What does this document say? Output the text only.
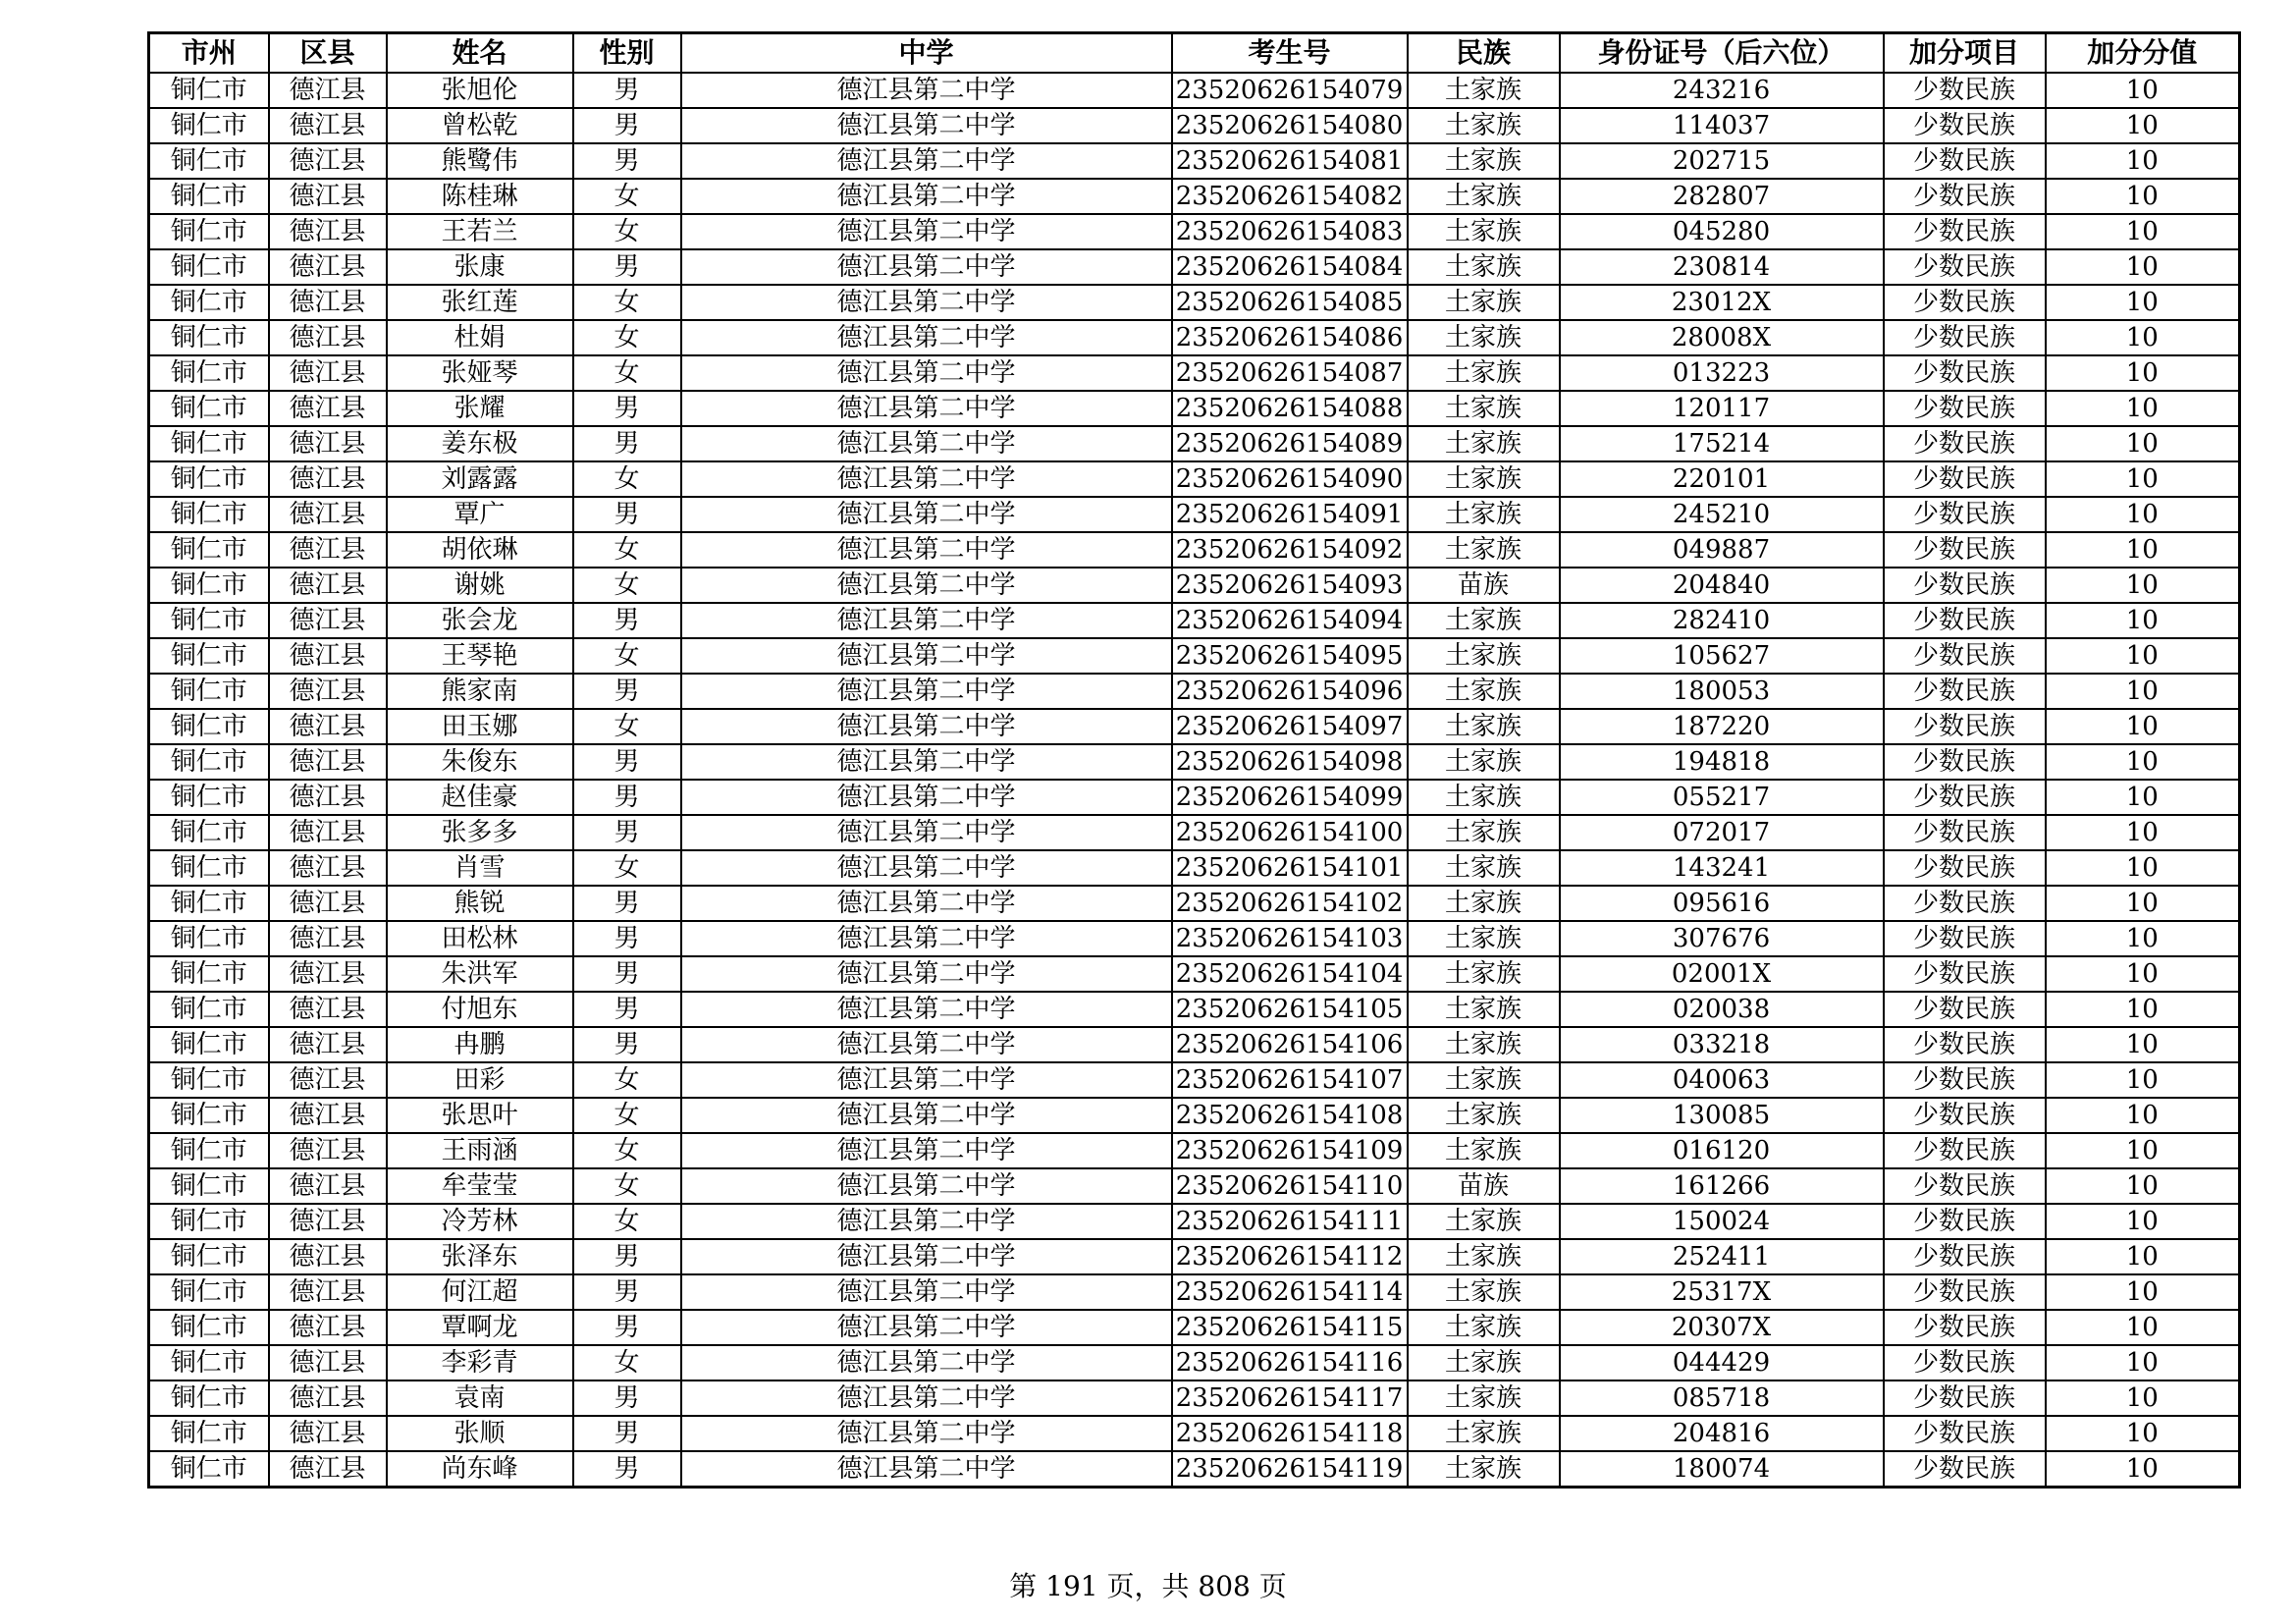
市州	区县	姓名	性别	中学	考生号	民族	身份证号（后六位）	加分项目	加分分值
铜仁市	德江县	张旭伦	男	德江县第二中学	23520626154079	土家族	243216	少数民族	10
铜仁市	德江县	曾松乾	男	德江县第二中学	23520626154080	土家族	114037	少数民族	10
铜仁市	德江县	熊鹭伟	男	德江县第二中学	23520626154081	土家族	202715	少数民族	10
铜仁市	德江县	陈桂琳	女	德江县第二中学	23520626154082	土家族	282807	少数民族	10
铜仁市	德江县	王若兰	女	德江县第二中学	23520626154083	土家族	045280	少数民族	10
铜仁市	德江县	张康	男	德江县第二中学	23520626154084	土家族	230814	少数民族	10
铜仁市	德江县	张红莲	女	德江县第二中学	23520626154085	土家族	23012X	少数民族	10
铜仁市	德江县	杜娟	女	德江县第二中学	23520626154086	土家族	28008X	少数民族	10
铜仁市	德江县	张娅琴	女	德江县第二中学	23520626154087	土家族	013223	少数民族	10
铜仁市	德江县	张耀	男	德江县第二中学	23520626154088	土家族	120117	少数民族	10
铜仁市	德江县	姜东极	男	德江县第二中学	23520626154089	土家族	175214	少数民族	10
铜仁市	德江县	刘露露	女	德江县第二中学	23520626154090	土家族	220101	少数民族	10
铜仁市	德江县	覃广	男	德江县第二中学	23520626154091	土家族	245210	少数民族	10
铜仁市	德江县	胡依琳	女	德江县第二中学	23520626154092	土家族	049887	少数民族	10
铜仁市	德江县	谢姚	女	德江县第二中学	23520626154093	苗族	204840	少数民族	10
铜仁市	德江县	张会龙	男	德江县第二中学	23520626154094	土家族	282410	少数民族	10
铜仁市	德江县	王琴艳	女	德江县第二中学	23520626154095	土家族	105627	少数民族	10
铜仁市	德江县	熊家南	男	德江县第二中学	23520626154096	土家族	180053	少数民族	10
铜仁市	德江县	田玉娜	女	德江县第二中学	23520626154097	土家族	187220	少数民族	10
铜仁市	德江县	朱俊东	男	德江县第二中学	23520626154098	土家族	194818	少数民族	10
铜仁市	德江县	赵佳豪	男	德江县第二中学	23520626154099	土家族	055217	少数民族	10
铜仁市	德江县	张多多	男	德江县第二中学	23520626154100	土家族	072017	少数民族	10
铜仁市	德江县	肖雪	女	德江县第二中学	23520626154101	土家族	143241	少数民族	10
铜仁市	德江县	熊锐	男	德江县第二中学	23520626154102	土家族	095616	少数民族	10
铜仁市	德江县	田松林	男	德江县第二中学	23520626154103	土家族	307676	少数民族	10
铜仁市	德江县	朱洪军	男	德江县第二中学	23520626154104	土家族	02001X	少数民族	10
铜仁市	德江县	付旭东	男	德江县第二中学	23520626154105	土家族	020038	少数民族	10
铜仁市	德江县	冉鹏	男	德江县第二中学	23520626154106	土家族	033218	少数民族	10
铜仁市	德江县	田彩	女	德江县第二中学	23520626154107	土家族	040063	少数民族	10
铜仁市	德江县	张思叶	女	德江县第二中学	23520626154108	土家族	130085	少数民族	10
铜仁市	德江县	王雨涵	女	德江县第二中学	23520626154109	土家族	016120	少数民族	10
铜仁市	德江县	牟莹莹	女	德江县第二中学	23520626154110	苗族	161266	少数民族	10
铜仁市	德江县	冷芳林	女	德江县第二中学	23520626154111	土家族	150024	少数民族	10
铜仁市	德江县	张泽东	男	德江县第二中学	23520626154112	土家族	252411	少数民族	10
铜仁市	德江县	何江超	男	德江县第二中学	23520626154114	土家族	25317X	少数民族	10
铜仁市	德江县	覃啊龙	男	德江县第二中学	23520626154115	土家族	20307X	少数民族	10
铜仁市	德江县	李彩青	女	德江县第二中学	23520626154116	土家族	044429	少数民族	10
铜仁市	德江县	袁南	男	德江县第二中学	23520626154117	土家族	085718	少数民族	10
铜仁市	德江县	张顺	男	德江县第二中学	23520626154118	土家族	204816	少数民族	10
铜仁市	德江县	尚东峰	男	德江县第二中学	23520626154119	土家族	180074	少数民族	10
第 191 页，共 808 页
